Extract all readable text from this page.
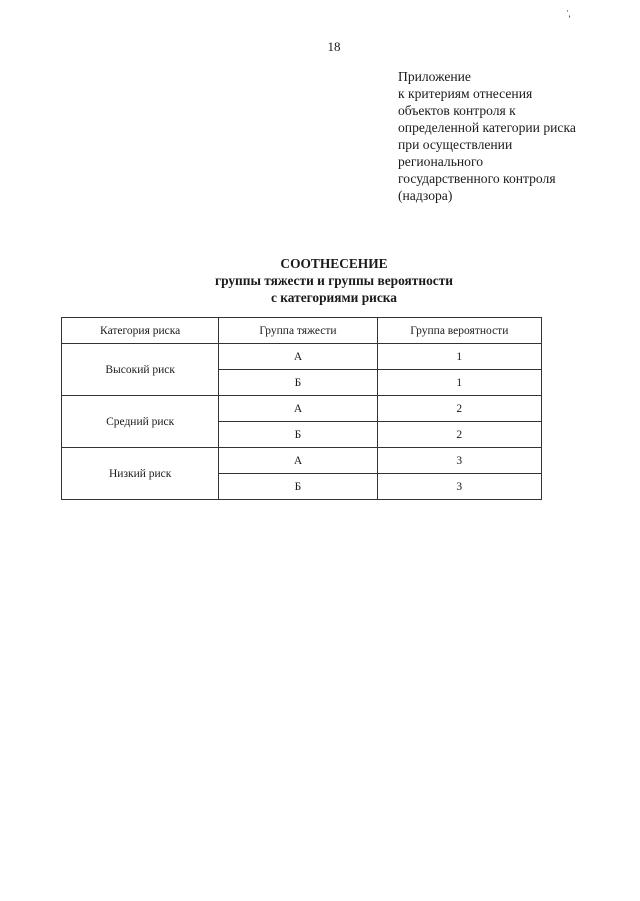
18
Приложение
к критериям отнесения
объектов контроля к
определенной категории риска
при осуществлении
регионального
государственного контроля
(надзора)
СООТНЕСЕНИЕ
группы тяжести и группы вероятности
с категориями риска
Категория риска	Группа тяжести	Группа вероятности
Высокий риск	А	1
	Б	1
Средний риск	А	2
	Б	2
Низкий риск	А	3
	Б	3
·
’
